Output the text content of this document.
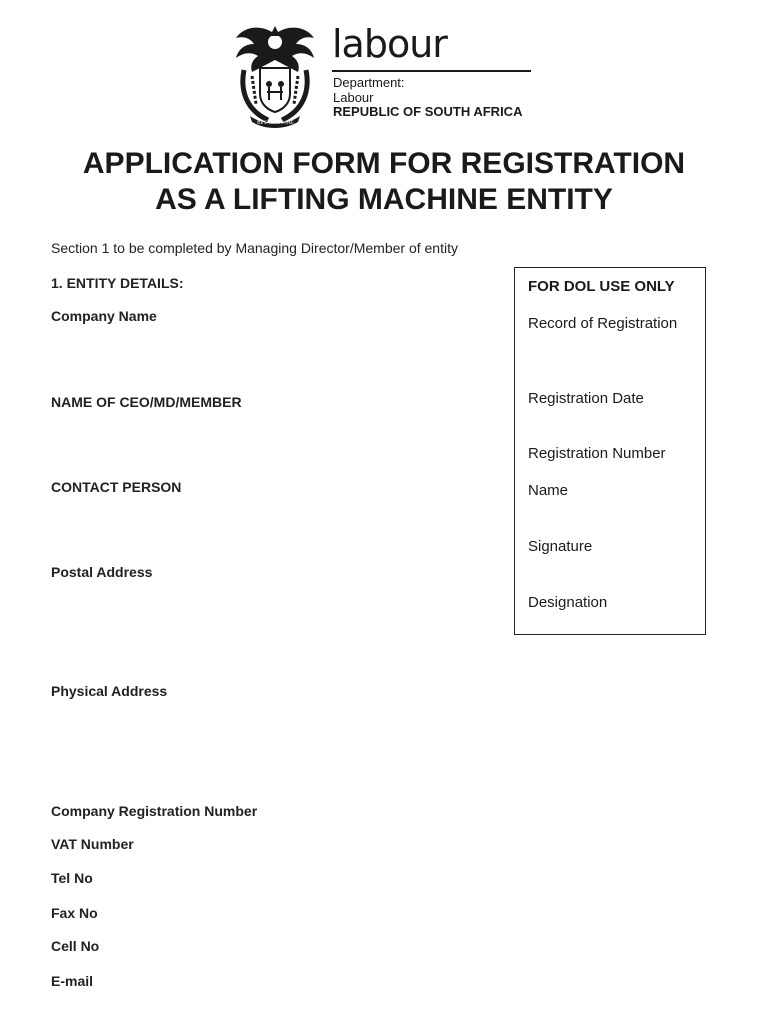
!KE E: /XARRA //KE
labour
Department:
Labour
REPUBLIC OF SOUTH AFRICA
APPLICATION FORM FOR REGISTRATION
AS A LIFTING MACHINE ENTITY
Section 1 to be completed by Managing Director/Member of entity
1. ENTITY DETAILS:
Company Name
NAME OF CEO/MD/MEMBER
CONTACT PERSON
Postal Address
Physical Address
Company Registration Number
VAT Number
Tel No
Fax No
Cell No
E-mail
FOR DOL USE ONLY
Record of Registration
Registration Date
Registration Number
Name
Signature
Designation
